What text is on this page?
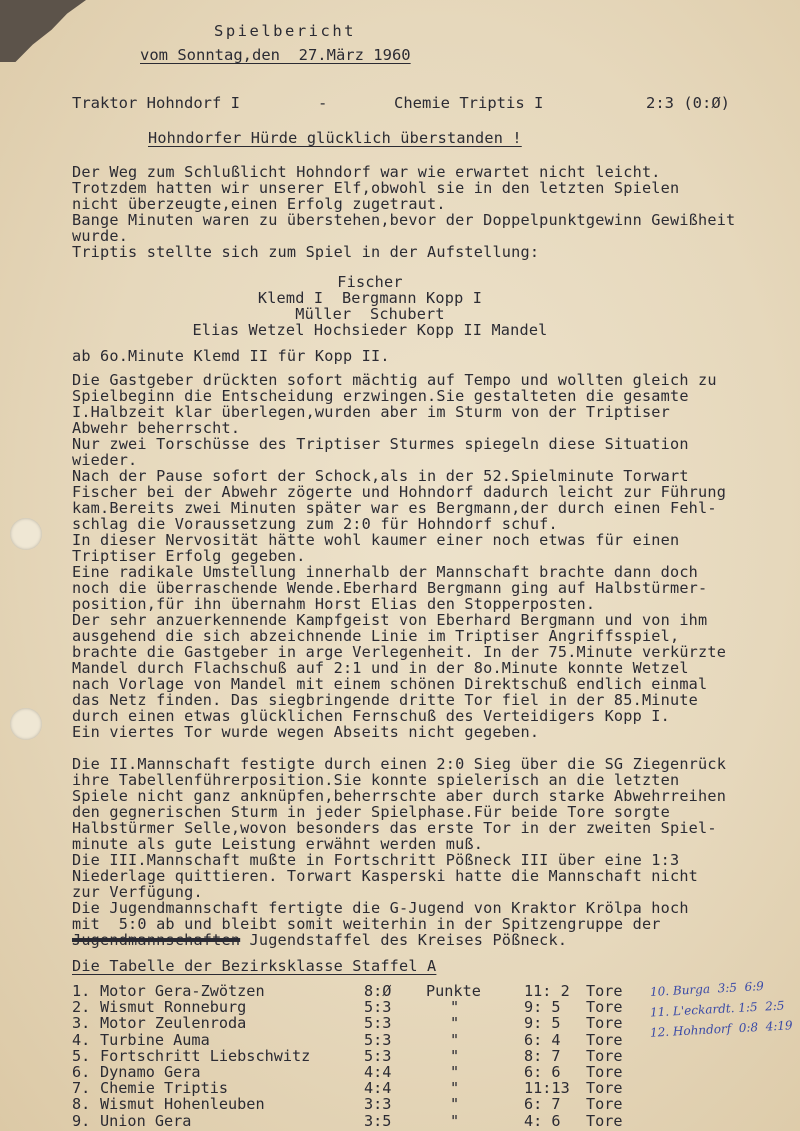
Spielbericht
vom Sonntag,den  27.März 1960
Traktor Hohndorf I	-	Chemie Triptis I	2:3 (0:Ø)
Hohndorfer Hürde glücklich überstanden !
Der Weg zum Schlußlicht Hohndorf war wie erwartet nicht leicht.
Trotzdem hatten wir unserer Elf,obwohl sie in den letzten Spielen
nicht überzeugte,einen Erfolg zugetraut.
Bange Minuten waren zu überstehen,bevor der Doppelpunktgewinn Gewißheit
wurde.
Triptis stellte sich zum Spiel in der Aufstellung:
Fischer
Klemd I  Bergmann Kopp I
Müller  Schubert
Elias Wetzel Hochsieder Kopp II Mandel
ab 6o.Minute Klemd II für Kopp II.
Die Gastgeber drückten sofort mächtig auf Tempo und wollten gleich zu
Spielbeginn die Entscheidung erzwingen.Sie gestalteten die gesamte
I.Halbzeit klar überlegen,wurden aber im Sturm von der Triptiser
Abwehr beherrscht.
Nur zwei Torschüsse des Triptiser Sturmes spiegeln diese Situation
wieder.
Nach der Pause sofort der Schock,als in der 52.Spielminute Torwart
Fischer bei der Abwehr zögerte und Hohndorf dadurch leicht zur Führung
kam.Bereits zwei Minuten später war es Bergmann,der durch einen Fehl-
schlag die Voraussetzung zum 2:0 für Hohndorf schuf.
In dieser Nervosität hätte wohl kaumer einer noch etwas für einen
Triptiser Erfolg gegeben.
Eine radikale Umstellung innerhalb der Mannschaft brachte dann doch
noch die überraschende Wende.Eberhard Bergmann ging auf Halbstürmer-
position,für ihn übernahm Horst Elias den Stopperposten.
Der sehr anzuerkennende Kampfgeist von Eberhard Bergmann und von ihm
ausgehend die sich abzeichnende Linie im Triptiser Angriffsspiel,
brachte die Gastgeber in arge Verlegenheit. In der 75.Minute verkürzte
Mandel durch Flachschuß auf 2:1 und in der 8o.Minute konnte Wetzel
nach Vorlage von Mandel mit einem schönen Direktschuß endlich einmal
das Netz finden. Das siegbringende dritte Tor fiel in der 85.Minute
durch einen etwas glücklichen Fernschuß des Verteidigers Kopp I.
Ein viertes Tor wurde wegen Abseits nicht gegeben.
Die II.Mannschaft festigte durch einen 2:0 Sieg über die SG Ziegenrück
ihre Tabellenführerposition.Sie konnte spielerisch an die letzten
Spiele nicht ganz anknüpfen,beherrschte aber durch starke Abwehrreihen
den gegnerischen Sturm in jeder Spielphase.Für beide Tore sorgte
Halbstürmer Selle,wovon besonders das erste Tor in der zweiten Spiel-
minute als gute Leistung erwähnt werden muß.
Die III.Mannschaft mußte in Fortschritt Pößneck III über eine 1:3
Niederlage quittieren. Torwart Kasperski hatte die Mannschaft nicht
zur Verfügung.
Die Jugendmannschaft fertigte die G-Jugend von Kraktor Krölpa hoch
mit  5:0 ab und bleibt somit weiterhin in der Spitzengruppe der
Jugendmannschaften Jugendstaffel des Kreises Pößneck.
Die Tabelle der Bezirksklasse Staffel A
1. Motor Gera-Zwötzen	8:Ø Punkte	11: 2 Tore
2. Wismut Ronneburg	5:3	"	9: 5 Tore
3. Motor Zeulenroda	5:3	"	9: 5 Tore
4. Turbine Auma	5:3	"	6: 4 Tore
5. Fortschritt Liebschwitz	5:3	"	8: 7 Tore
6. Dynamo Gera	4:4	"	6: 6 Tore
7. Chemie Triptis	4:4	"	11:13 Tore
8. Wismut Hohenleuben	3:3	"	6: 7 Tore
9. Union Gera	3:5	"	4: 6 Tore
10. Burga  3:5  6:9
11. L'eckardt. 1:5  2:5
12. Hohndorf  0:8  4:19
